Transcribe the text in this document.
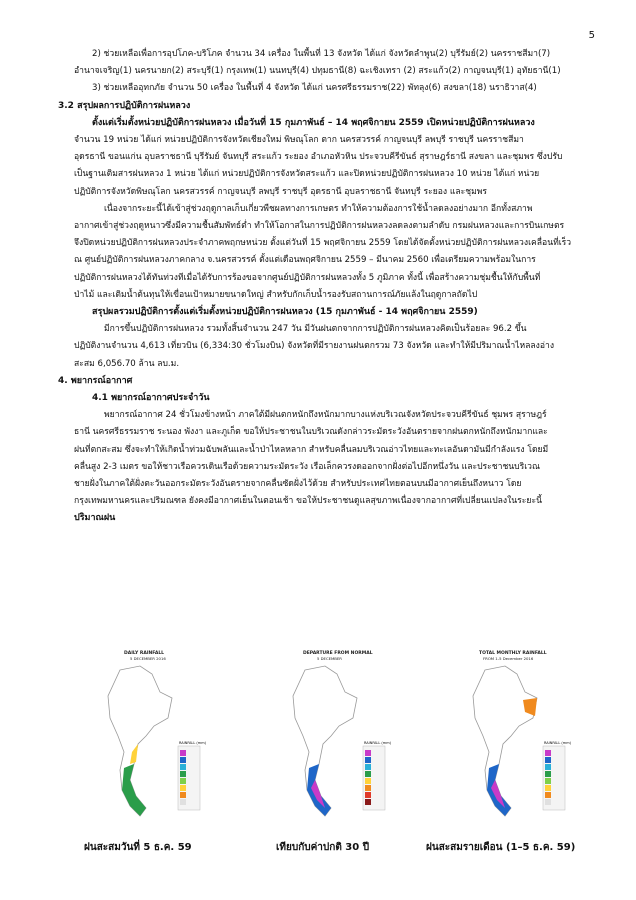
5

2) ช่วยเหลือเพื่อการอุปโภค-บริโภค จำนวน 34 เครื่อง ในพื้นที่ 13 จังหวัด ได้แก่ จังหวัดลำพูน(2) บุรีรัมย์(2) นครราชสีมา(7)

อำนาจเจริญ(1) นครนายก(2) สระบุรี(1) กรุงเทพ(1) นนทบุรี(4) ปทุมธานี(8) ฉะเชิงเทรา (2) สระแก้ว(2) กาญจนบุรี(1) อุทัยธานี(1)

3) ช่วยเหลืออุทกภัย จำนวน 50 เครื่อง ในพื้นที่ 4 จังหวัด ได้แก่ นครศรีธรรมราช(22) พัทลุง(6) สงขลา(18) นราธิวาส(4)

3.2 สรุปผลการปฏิบัติการฝนหลวง

ตั้งแต่เริ่มตั้งหน่วยปฏิบัติการฝนหลวง เมื่อวันที่ 15 กุมภาพันธ์ – 14 พฤศจิกายน 2559 เปิดหน่วยปฏิบัติการฝนหลวง

จำนวน 19 หน่วย ได้แก่ หน่วยปฏิบัติการจังหวัดเชียงใหม่ พิษณุโลก ตาก นครสวรรค์ กาญจนบุรี ลพบุรี ราชบุรี นครราชสีมา

อุดรธานี ขอนแก่น อุบลราชธานี บุรีรัมย์ จันทบุรี สระแก้ว ระยอง อำเภอหัวหิน ประจวบคีรีขันธ์ สุราษฎร์ธานี สงขลา และชุมพร ซึ่งปรับ

เป็นฐานเติมสารฝนหลวง 1 หน่วย ได้แก่ หน่วยปฏิบัติการจังหวัดสระแก้ว และปิดหน่วยปฏิบัติการฝนหลวง 10 หน่วย ได้แก่ หน่วย

ปฏิบัติการจังหวัดพิษณุโลก นครสวรรค์ กาญจนบุรี ลพบุรี ราชบุรี อุดรธานี อุบลราชธานี จันทบุรี ระยอง และชุมพร

เนื่องจากระยะนี้ได้เข้าสู่ช่วงฤดูกาลเก็บเกี่ยวพืชผลทางการเกษตร ทำให้ความต้องการใช้น้ำลดลงอย่างมาก อีกทั้งสภาพ

อากาศเข้าสู่ช่วงฤดูหนาวซึ่งมีความชื้นสัมพัทธ์ต่ำ ทำให้โอกาสในการปฏิบัติการฝนหลวงลดลงตามลำดับ กรมฝนหลวงและการบินเกษตร

จึงปิดหน่วยปฏิบัติการฝนหลวงประจำภาคพฤกษหน่วย ตั้งแต่วันที่ 15 พฤศจิกายน 2559 โดยได้จัดตั้งหน่วยปฏิบัติการฝนหลวงเคลื่อนที่เร็ว

ณ ศูนย์ปฏิบัติการฝนหลวงภาคกลาง จ.นครสวรรค์ ตั้งแต่เดือนพฤศจิกายน 2559 – มีนาคม 2560 เพื่อเตรียมความพร้อมในการ

ปฏิบัติการฝนหลวงได้ทันท่วงทีเมื่อได้รับการร้องขอจากศูนย์ปฏิบัติการฝนหลวงทั้ง 5 ภูมิภาค ทั้งนี้ เพื่อสร้างความชุ่มชื้นให้กับพื้นที่

ป่าไม้ และเติมน้ำต้นทุนให้เขื่อนเป้าหมายขนาดใหญ่ สำหรับกักเก็บน้ำรองรับสถานการณ์ภัยแล้งในฤดูกาลถัดไป

สรุปผลรวมปฏิบัติการตั้งแต่เริ่มตั้งหน่วยปฏิบัติการฝนหลวง (15 กุมภาพันธ์ - 14 พฤศจิกายน 2559)

มีการขึ้นปฏิบัติการฝนหลวง รวมทั้งสิ้นจำนวน 247 วัน มีวันฝนตกจากการปฏิบัติการฝนหลวงคิดเป็นร้อยละ 96.2 ขึ้น

ปฏิบัติงานจำนวน 4,613 เที่ยวบิน (6,334:30 ชั่วโมงบิน) จังหวัดที่มีรายงานฝนตกรวม 73 จังหวัด และทำให้มีปริมาณน้ำไหลลงอ่าง

สะสม 6,056.70 ล้าน ลบ.ม.

4. พยากรณ์อากาศ

4.1 พยากรณ์อากาศประจำวัน

พยากรณ์อากาศ 24 ชั่วโมงข้างหน้า ภาคใต้มีฝนตกหนักถึงหนักมากบางแห่งบริเวณจังหวัดประจวบคีรีขันธ์ ชุมพร สุราษฎร์

ธานี นครศรีธรรมราช ระนอง พังงา และภูเก็ต ขอให้ประชาชนในบริเวณดังกล่าวระมัดระวังอันตรายจากฝนตกหนักถึงหนักมากและ

ฝนที่ตกสะสม ซึ่งจะทำให้เกิดน้ำท่วมฉับพลันและน้ำป่าไหลหลาก สำหรับคลื่นลมบริเวณอ่าวไทยและทะเลอันดามันมีกำลังแรง โดยมี

คลื่นสูง 2-3 เมตร ขอให้ชาวเรือควรเดินเรือด้วยความระมัดระวัง เรือเล็กควรงดออกจากฝั่งต่อไปอีกหนึ่งวัน และประชาชนบริเวณ

ชายฝั่งในภาคใต้ฝั่งตะวันออกระมัดระวังอันตรายจากคลื่นซัดฝั่งไว้ด้วย สำหรับประเทศไทยตอนบนมีอากาศเย็นถึงหนาว โดย

กรุงเทพมหานครและปริมณฑล ยังคงมีอากาศเย็นในตอนเช้า ขอให้ประชาชนดูแลสุขภาพเนื่องจากอากาศที่เปลี่ยนแปลงในระยะนี้

ปริมาณฝน

DAILY RAINFALL
5 DECEMBER 2016
RAINFALL (mm)
DEPARTURE FROM NORMAL
5 DECEMBER
RAINFALL (mm)
TOTAL MONTHLY RAINFALL
FROM 1-5 December 2016
RAINFALL (mm)
ฝนสะสมวันที่ 5 ธ.ค. 59	เทียบกับค่าปกติ 30 ปี	ฝนสะสมรายเดือน (1–5 ธ.ค. 59)
